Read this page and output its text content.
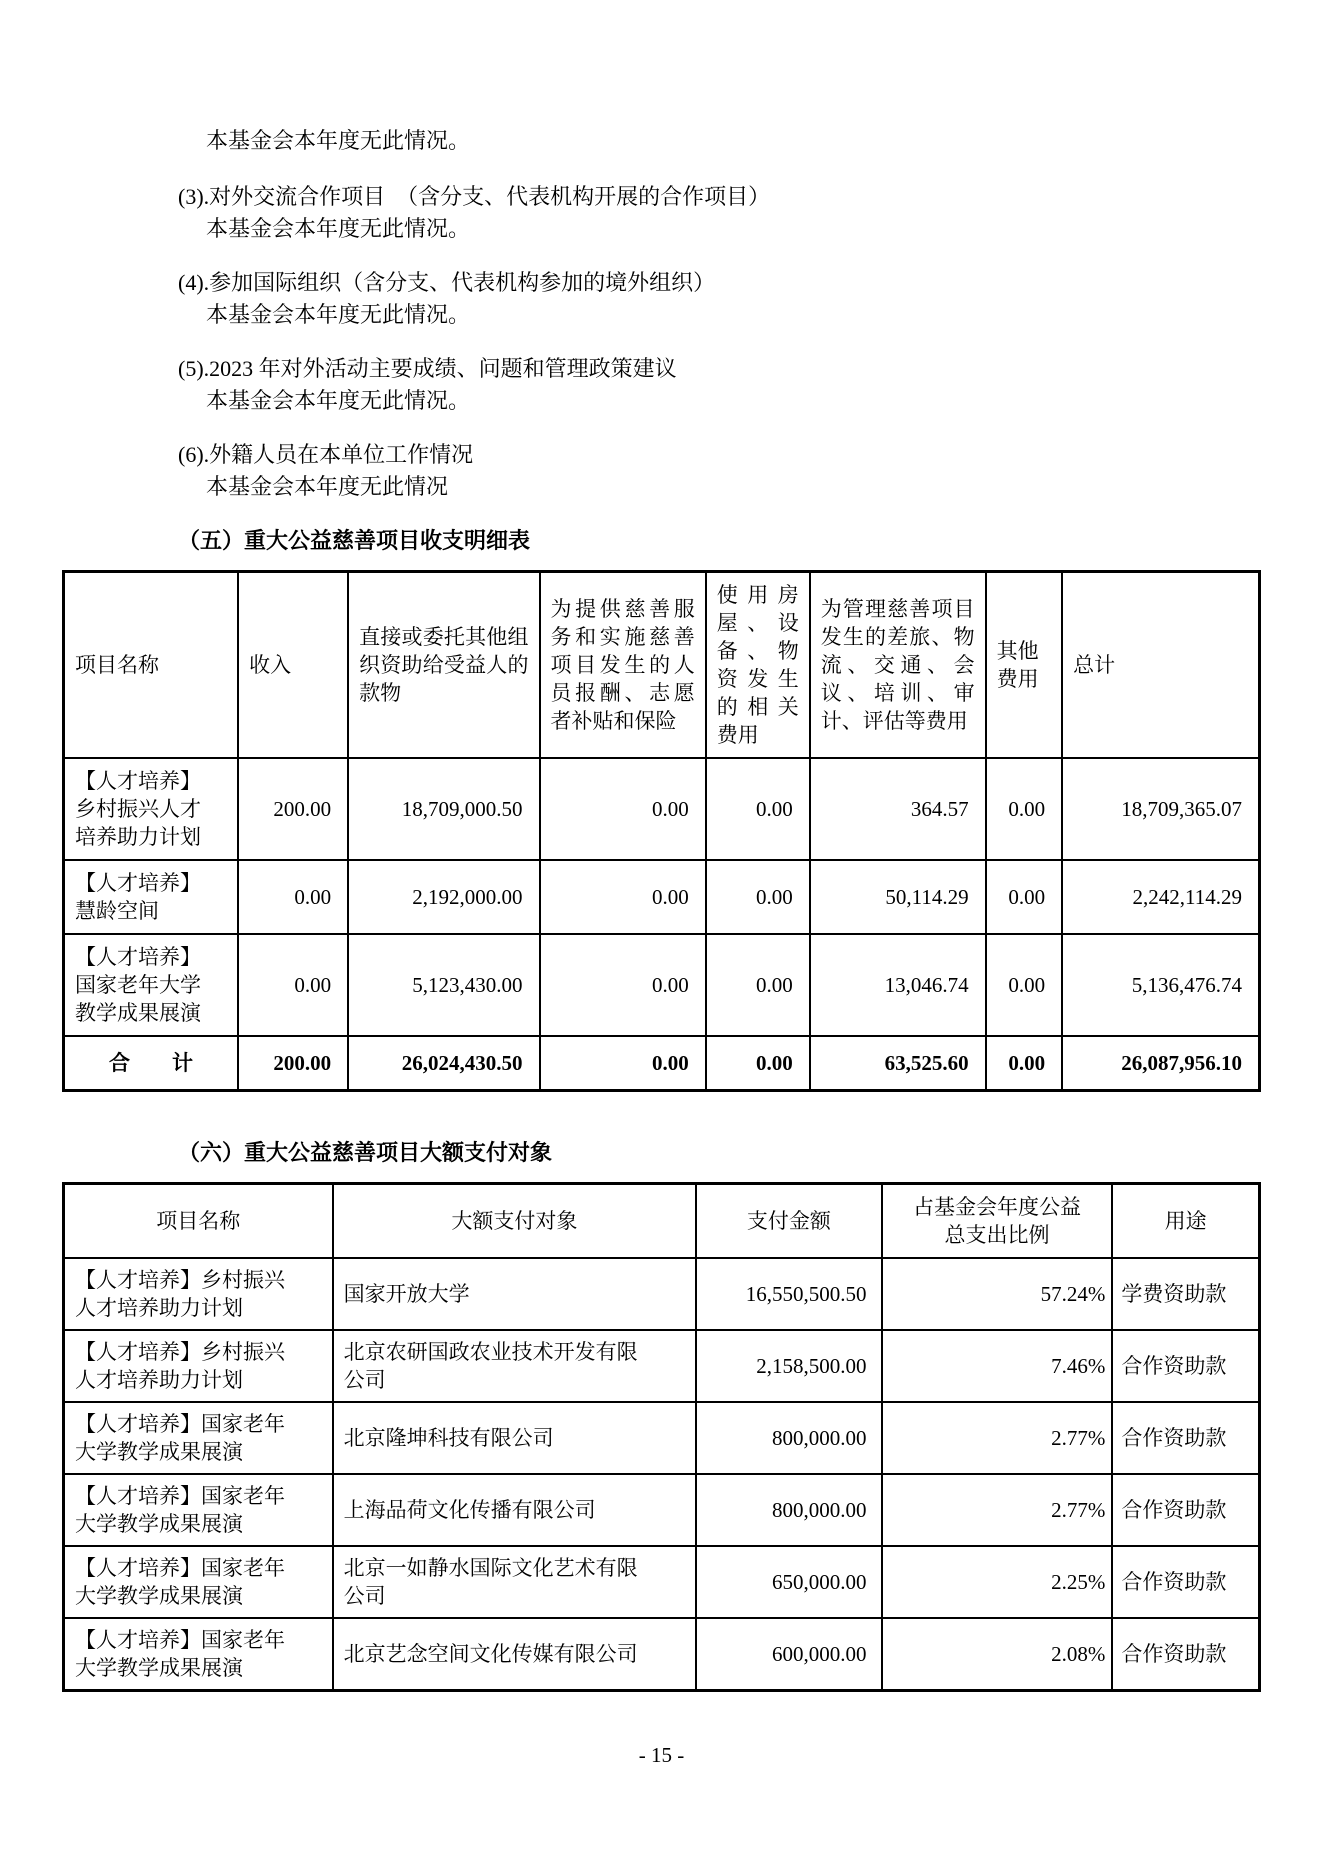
本基金会本年度无此情况。
(3).对外交流合作项目　（含分支、代表机构开展的合作项目）
本基金会本年度无此情况。
(4).参加国际组织（含分支、代表机构参加的境外组织）
本基金会本年度无此情况。
(5).2023 年对外活动主要成绩、问题和管理政策建议
本基金会本年度无此情况。
(6).外籍人员在本单位工作情况
本基金会本年度无此情况
（五）重大公益慈善项目收支明细表
项目名称	收入	直接或委托其他组织资助给受益人的款物	为提供慈善服务和实施慈善项目发生的人员报酬、志愿者补贴和保险	使用房屋、设备、物资发生的相关费用	为管理慈善项目发生的差旅、物流、交通、会议、培训、审计、评估等费用	其他费用	总计
【人才培养】乡村振兴人才培养助力计划	200.00	18,709,000.50	0.00	0.00	364.57	0.00	18,709,365.07
【人才培养】慧龄空间	0.00	2,192,000.00	0.00	0.00	50,114.29	0.00	2,242,114.29
【人才培养】国家老年大学教学成果展演	0.00	5,123,430.00	0.00	0.00	13,046.74	0.00	5,136,476.74
合　　计	200.00	26,024,430.50	0.00	0.00	63,525.60	0.00	26,087,956.10
（六）重大公益慈善项目大额支付对象
项目名称	大额支付对象	支付金额	占基金会年度公益总支出比例	用途
【人才培养】乡村振兴人才培养助力计划	国家开放大学	16,550,500.50	57.24%	学费资助款
【人才培养】乡村振兴人才培养助力计划	北京农研国政农业技术开发有限公司	2,158,500.00	7.46%	合作资助款
【人才培养】国家老年大学教学成果展演	北京隆坤科技有限公司	800,000.00	2.77%	合作资助款
【人才培养】国家老年大学教学成果展演	上海品荷文化传播有限公司	800,000.00	2.77%	合作资助款
【人才培养】国家老年大学教学成果展演	北京一如静水国际文化艺术有限公司	650,000.00	2.25%	合作资助款
【人才培养】国家老年大学教学成果展演	北京艺念空间文化传媒有限公司	600,000.00	2.08%	合作资助款
- 15 -
